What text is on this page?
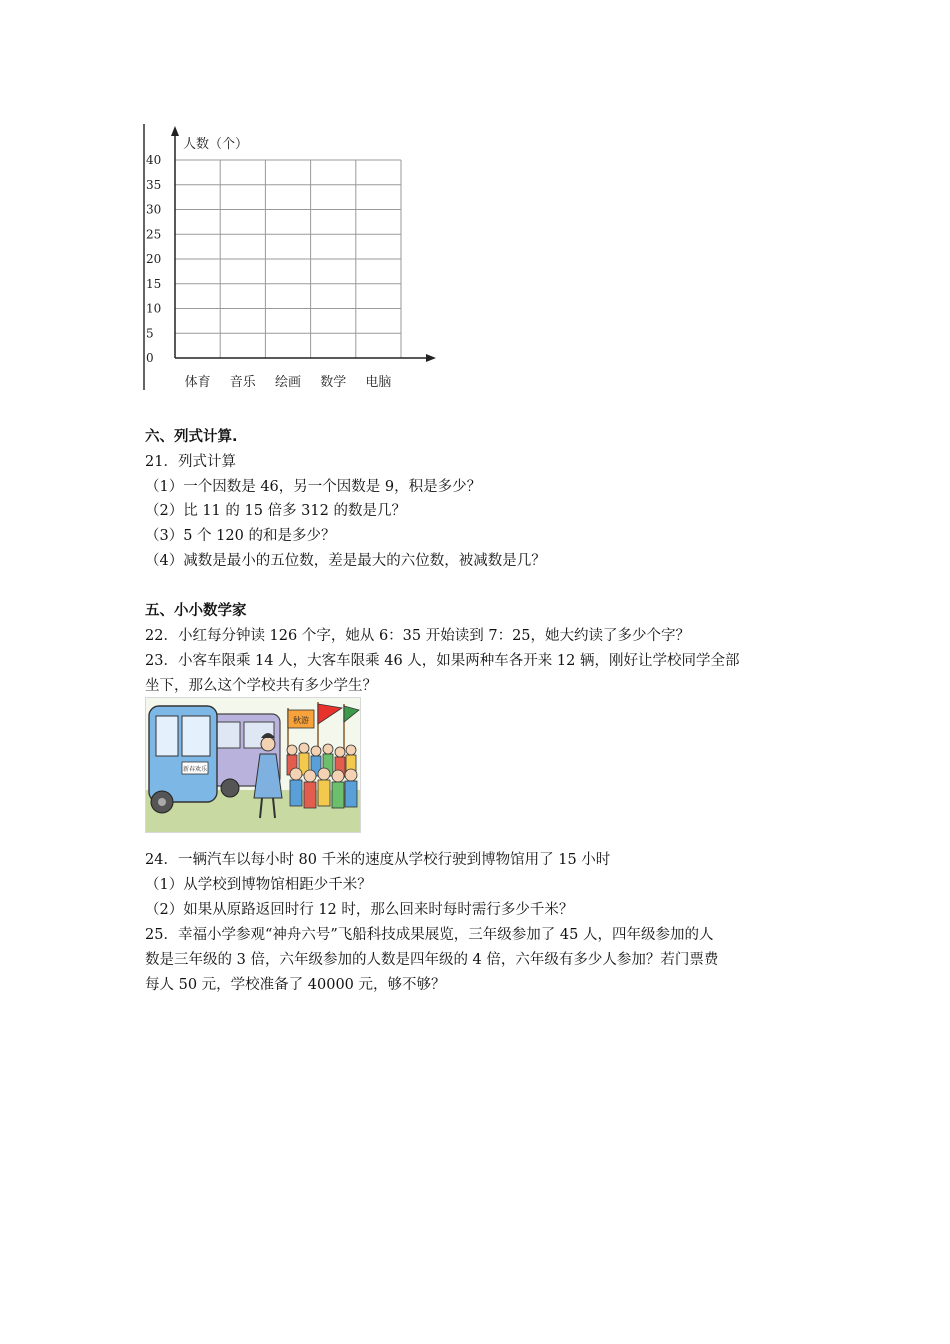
人数（个）
0
5
10
15
20
25
30
35
40
体育 音乐 绘画 数学 电脑
六、列式计算.
21．列式计算
（1）一个因数是 46，另一个因数是 9，积是多少？
（2）比 11 的 15 倍多 312 的数是几？
（3）5 个 120 的和是多少？
（4）减数是最小的五位数，差是最大的六位数，被减数是几？
五、小小数学家
22．小红每分钟读 126 个字，她从 6：35 开始读到 7：25，她大约读了多少个字？
23．小客车限乘 14 人，大客车限乘 46 人，如果两种车各开来 12 辆，刚好让学校同学全部
坐下，那么这个学校共有多少学生？
新春欢乐
秋游
24．一辆汽车以每小时 80 千米的速度从学校行驶到博物馆用了 15 小时
（1）从学校到博物馆相距少千米？
（2）如果从原路返回时行 12 时，那么回来时每时需行多少千米？
25．幸福小学参观“神舟六号”飞船科技成果展览，三年级参加了 45 人，四年级参加的人
数是三年级的 3 倍，六年级参加的人数是四年级的 4 倍，六年级有多少人参加？若门票费
每人 50 元，学校准备了 40000 元，够不够？
